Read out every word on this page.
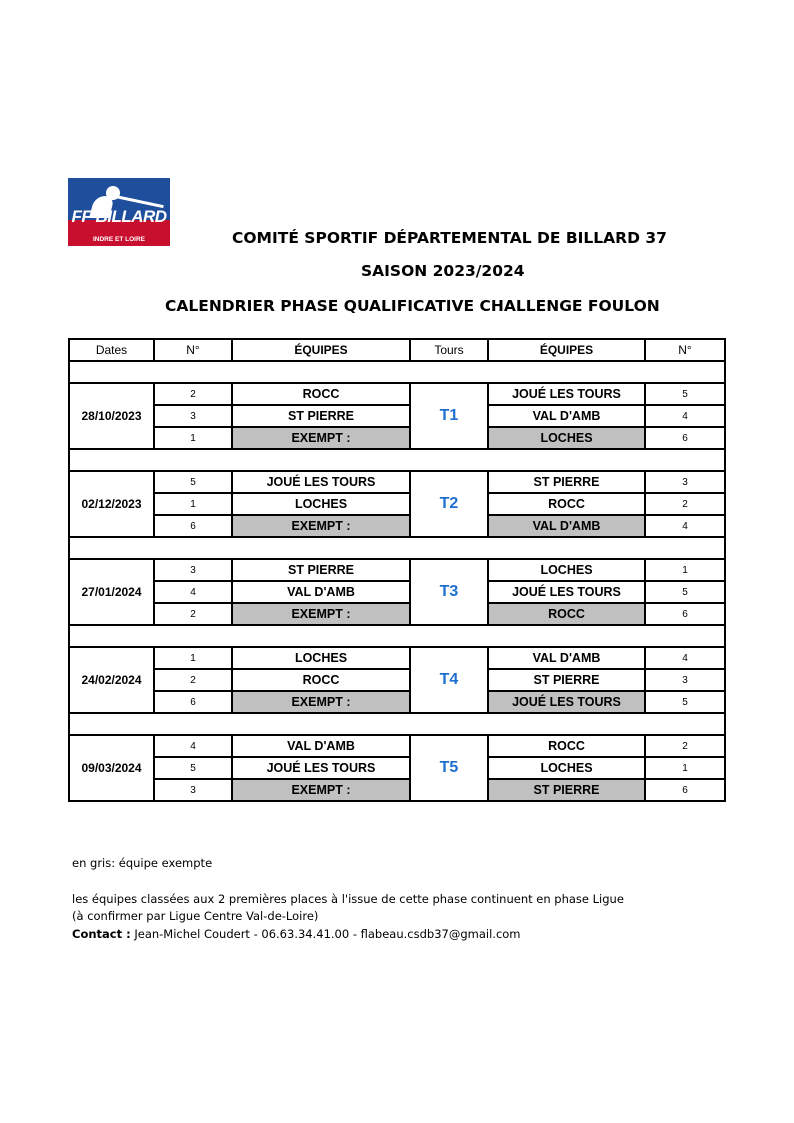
FF BILLARD
INDRE ET LOIRE	COMITÉ SPORTIF DÉPARTEMENTAL DE BILLARD 37
SAISON 2023/2024
CALENDRIER PHASE QUALIFICATIVE CHALLENGE FOULON
Dates	N°	ÉQUIPES	Tours	ÉQUIPES	N°

28/10/2023	2	ROCC	T1	JOUÉ LES TOURS	5
	3	ST PIERRE		VAL D'AMB	4
	1	EXEMPT :		LOCHES	6

02/12/2023	5	JOUÉ LES TOURS	T2	ST PIERRE	3
	1	LOCHES		ROCC	2
	6	EXEMPT :		VAL D'AMB	4

27/01/2024	3	ST PIERRE	T3	LOCHES	1
	4	VAL D'AMB		JOUÉ LES TOURS	5
	2	EXEMPT :		ROCC	6

24/02/2024	1	LOCHES	T4	VAL D'AMB	4
	2	ROCC		ST PIERRE	3
	6	EXEMPT :		JOUÉ LES TOURS	5

09/03/2024	4	VAL D'AMB	T5	ROCC	2
	5	JOUÉ LES TOURS		LOCHES	1
	3	EXEMPT :		ST PIERRE	6
en gris: équipe exempte
les équipes classées aux 2 premières places à l'issue de cette phase continuent en phase Ligue
(à confirmer par Ligue Centre Val-de-Loire)
Contact : Jean-Michel Coudert - 06.63.34.41.00 - flabeau.csdb37@gmail.com
